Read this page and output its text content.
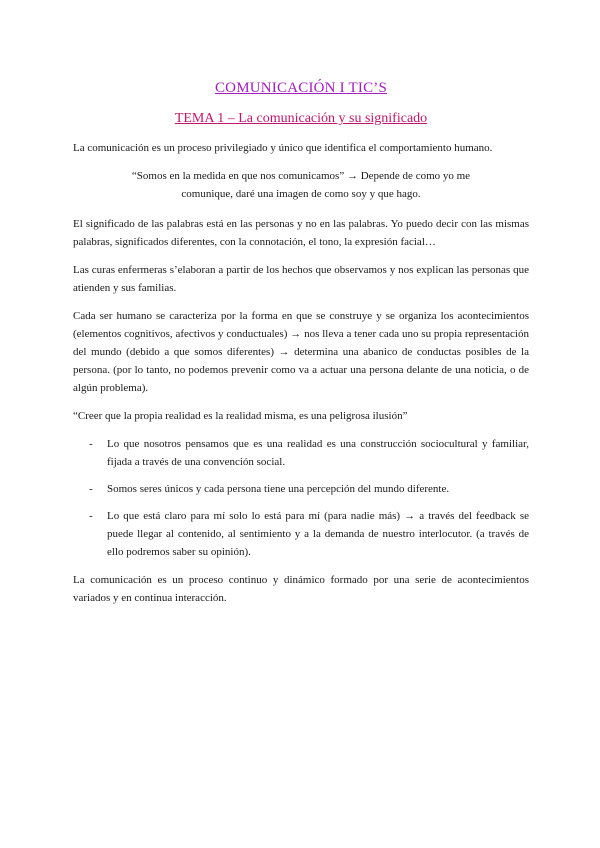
COMUNICACIÓN I TIC’S
TEMA 1 – La comunicación y su significado

La comunicación es un proceso privilegiado y único que identifica el comportamiento humano.

“Somos en la medida en que nos comunicamos” → Depende de como yo me comunique, daré una imagen de como soy y que hago.

El significado de las palabras está en las personas y no en las palabras. Yo puedo decir con las mismas palabras, significados diferentes, con la connotación, el tono, la expresión facial…

Las curas enfermeras s’elaboran a partir de los hechos que observamos y nos explican las personas que atienden y sus familias.

Cada ser humano se caracteriza por la forma en que se construye y se organiza los acontecimientos (elementos cognitivos, afectivos y conductuales) → nos lleva a tener cada uno su propia representación del mundo (debido a que somos diferentes) → determina una abanico de conductas posibles de la persona. (por lo tanto, no podemos prevenir como va a actuar una persona delante de una noticia, o de algún problema).

“Creer que la propia realidad es la realidad misma, es una peligrosa ilusión”

- Lo que nosotros pensamos que es una realidad es una construcción sociocultural y familiar, fijada a través de una convención social.
- Somos seres únicos y cada persona tiene una percepción del mundo diferente.
- Lo que está claro para mí solo lo está para mí (para nadie más) → a través del feedback se puede llegar al contenido, al sentimiento y a la demanda de nuestro interlocutor. (a través de ello podremos saber su opinión).

La comunicación es un proceso continuo y dinámico formado por una serie de acontecimientos variados y en continua interacción.
